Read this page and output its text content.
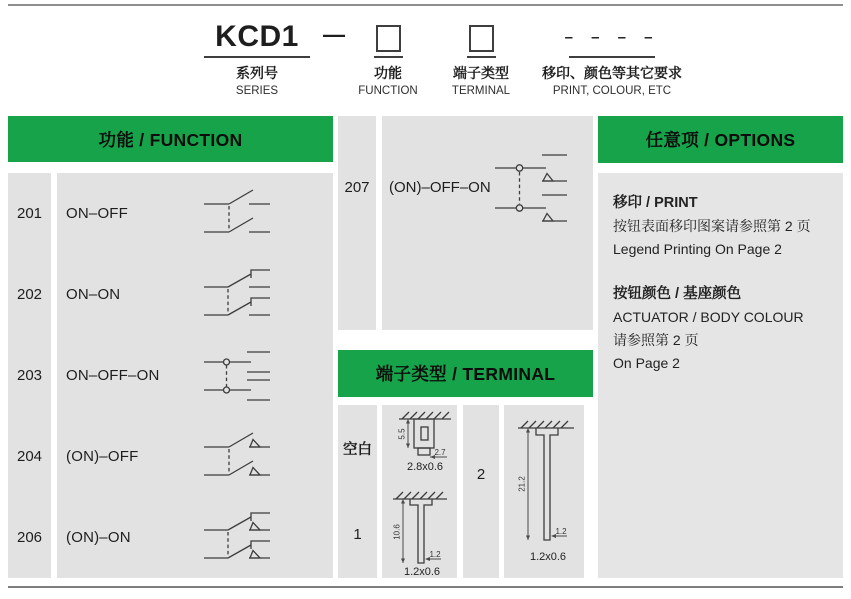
KCD1
系列号
SERIES
—
功能
FUNCTION
端子类型
TERMINAL
– – – –
移印、颜色等其它要求
PRINT, COLOUR, ETC
功能 / FUNCTION
201
202
203
204
206
ON–OFF
ON–ON
ON–OFF–ON
(ON)–OFF
(ON)–ON
207 (ON)–OFF–ON
端子类型 / TERMINAL
空白
1
5.5
2.7
2.8x0.6
10.6
1.2
1.2x0.6
2
21.2
1.2
1.2x0.6
任意项 / OPTIONS
移印 / PRINT
按钮表面移印图案请参照第 2 页
Legend Printing On Page 2
按钮颜色 / 基座颜色
ACTUATOR / BODY COLOUR
请参照第 2 页
On Page 2
